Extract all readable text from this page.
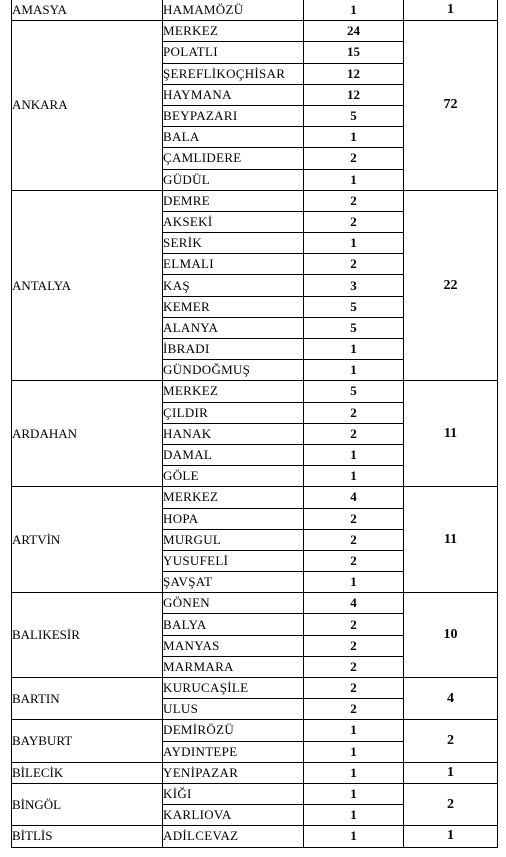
AMASYA	HAMAMÖZÜ	1	1
ANKARA	MERKEZ	24	72
	POLATLI	15	
	ŞEREFLİKOÇHİSAR	12	
	HAYMANA	12	
	BEYPAZARI	5	
	BALA	1	
	ÇAMLIDERE	2	
	GÜDÜL	1	
ANTALYA	DEMRE	2	22
	AKSEKİ	2	
	SERİK	1	
	ELMALI	2	
	KAŞ	3	
	KEMER	5	
	ALANYA	5	
	İBRADI	1	
	GÜNDOĞMUŞ	1	
ARDAHAN	MERKEZ	5	11
	ÇILDIR	2	
	HANAK	2	
	DAMAL	1	
	GÖLE	1	
ARTVİN	MERKEZ	4	11
	HOPA	2	
	MURGUL	2	
	YUSUFELİ	2	
	ŞAVŞAT	1	
BALIKESİR	GÖNEN	4	10
	BALYA	2	
	MANYAS	2	
	MARMARA	2	
BARTIN	KURUCAŞİLE	2	4
	ULUS	2	
BAYBURT	DEMİRÖZÜ	1	2
	AYDINTEPE	1	
BİLECİK	YENİPAZAR	1	1
BİNGÖL	KİĞI	1	2
	KARLIOVA	1	
BİTLİS	ADİLCEVAZ	1	1
